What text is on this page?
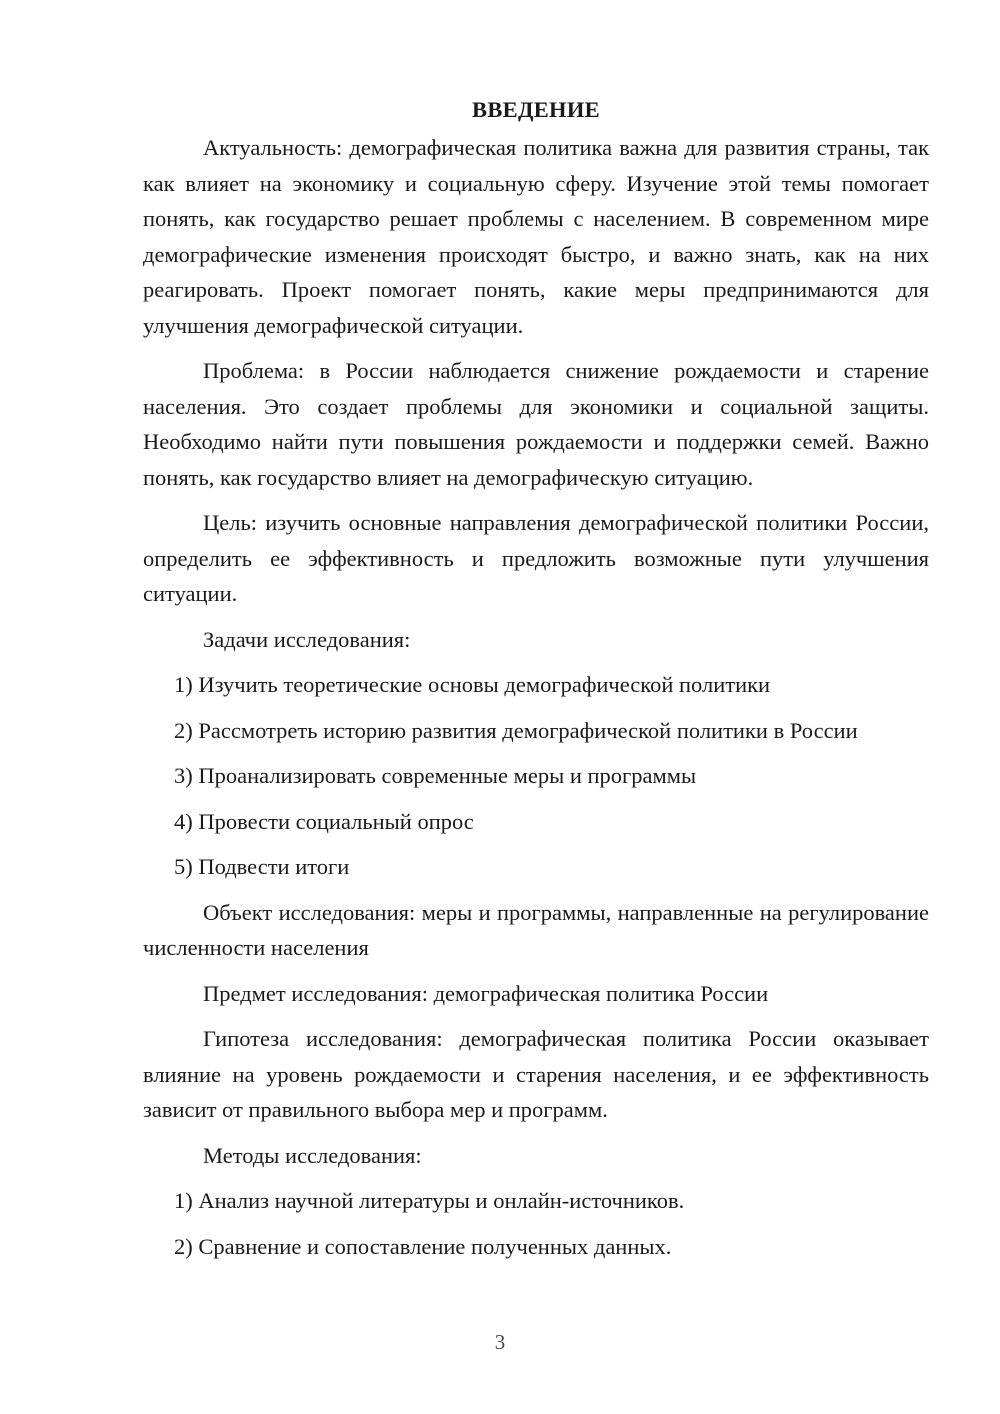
ВВЕДЕНИЕ

Актуальность: демографическая политика важна для развития страны, так как влияет на экономику и социальную сферу. Изучение этой темы помогает понять, как государство решает проблемы с населением. В современном мире демографические изменения происходят быстро, и важно знать, как на них реагировать. Проект помогает понять, какие меры предпринимаются для улучшения демографической ситуации.

Проблема: в России наблюдается снижение рождаемости и старение населения. Это создает проблемы для экономики и социальной защиты. Необходимо найти пути повышения рождаемости и поддержки семей. Важно понять, как государство влияет на демографическую ситуацию.

Цель: изучить основные направления демографической политики России, определить ее эффективность и предложить возможные пути улучшения ситуации.

Задачи исследования:

1) Изучить теоретические основы демографической политики

2) Рассмотреть историю развития демографической политики в России

3) Проанализировать современные меры и программы

4) Провести социальный опрос

5) Подвести итоги

Объект исследования: меры и программы, направленные на регулирование численности населения

Предмет исследования: демографическая политика России

Гипотеза исследования: демографическая политика России оказывает влияние на уровень рождаемости и старения населения, и ее эффективность зависит от правильного выбора мер и программ.

Методы исследования:

1) Анализ научной литературы и онлайн-источников.

2) Сравнение и сопоставление полученных данных.

3
